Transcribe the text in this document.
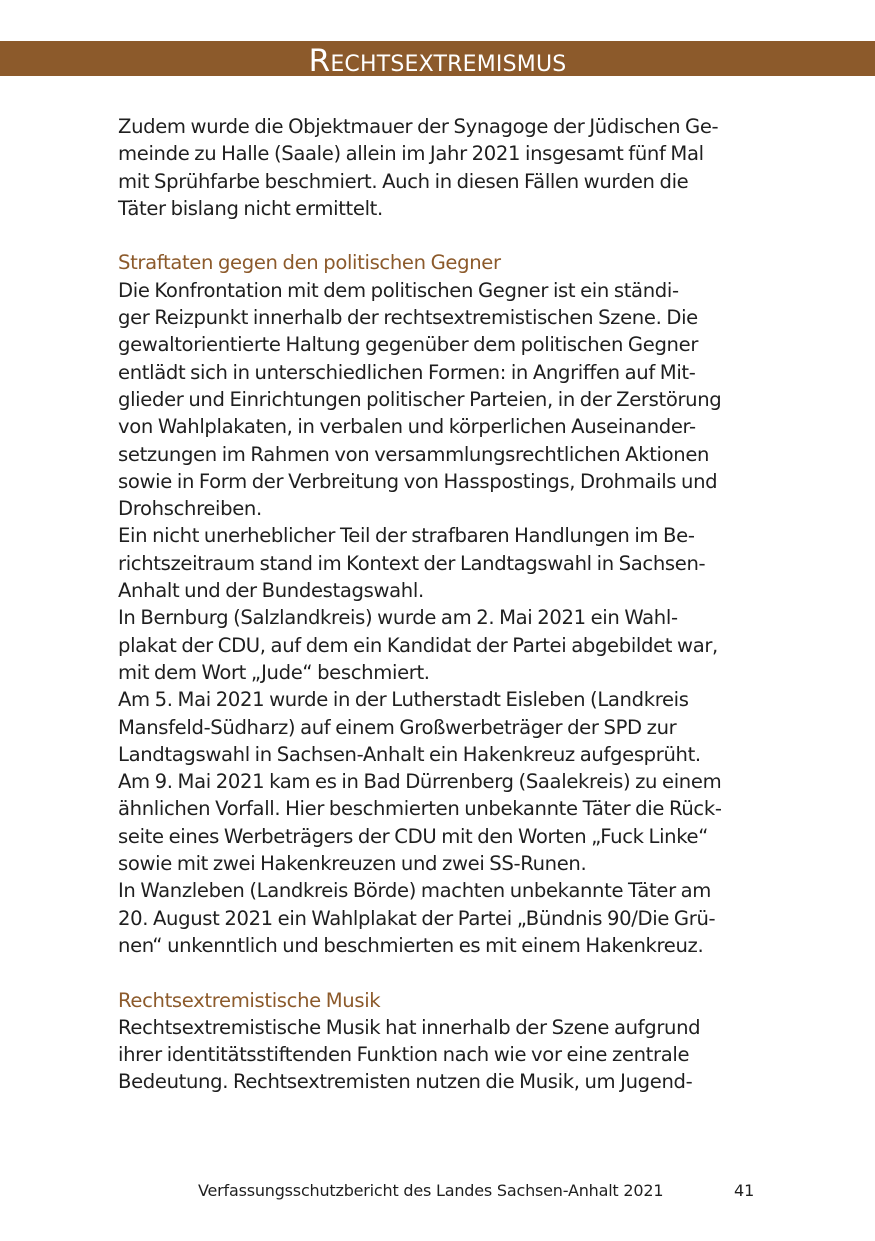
Rechtsextremismus
Zudem wurde die Objektmauer der Synagoge der Jüdischen Ge-
meinde zu Halle (Saale) allein im Jahr 2021 insgesamt fünf Mal
mit Sprühfarbe beschmiert. Auch in diesen Fällen wurden die
Täter bislang nicht ermittelt.
Straftaten gegen den politischen Gegner
Die Konfrontation mit dem politischen Gegner ist ein ständi-
ger Reizpunkt innerhalb der rechtsextremistischen Szene. Die
gewaltorientierte Haltung gegenüber dem politischen Gegner
entlädt sich in unterschiedlichen Formen: in Angriffen auf Mit-
glieder und Einrichtungen politischer Parteien, in der Zerstörung
von Wahlplakaten, in verbalen und körperlichen Auseinander-
setzungen im Rahmen von versammlungsrechtlichen Aktionen
sowie in Form der Verbreitung von Hasspostings, Drohmails und
Drohschreiben.
Ein nicht unerheblicher Teil der strafbaren Handlungen im Be-
richtszeitraum stand im Kontext der Landtagswahl in Sachsen-
Anhalt und der Bundestagswahl.
In Bernburg (Salzlandkreis) wurde am 2. Mai 2021 ein Wahl-
plakat der CDU, auf dem ein Kandidat der Partei abgebildet war,
mit dem Wort „Jude“ beschmiert.
Am 5. Mai 2021 wurde in der Lutherstadt Eisleben (Landkreis
Mansfeld-Südharz) auf einem Großwerbeträger der SPD zur
Landtagswahl in Sachsen-Anhalt ein Hakenkreuz aufgesprüht.
Am 9. Mai 2021 kam es in Bad Dürrenberg (Saalekreis) zu einem
ähnlichen Vorfall. Hier beschmierten unbekannte Täter die Rück-
seite eines Werbeträgers der CDU mit den Worten „Fuck Linke“
sowie mit zwei Hakenkreuzen und zwei SS-Runen.
In Wanzleben (Landkreis Börde) machten unbekannte Täter am
20. August 2021 ein Wahlplakat der Partei „Bündnis 90/Die Grü-
nen“ unkenntlich und beschmierten es mit einem Hakenkreuz.
Rechtsextremistische Musik
Rechtsextremistische Musik hat innerhalb der Szene aufgrund
ihrer identitätsstiftenden Funktion nach wie vor eine zentrale
Bedeutung. Rechtsextremisten nutzen die Musik, um Jugend-
Verfassungsschutzbericht des Landes Sachsen-Anhalt 2021	41
